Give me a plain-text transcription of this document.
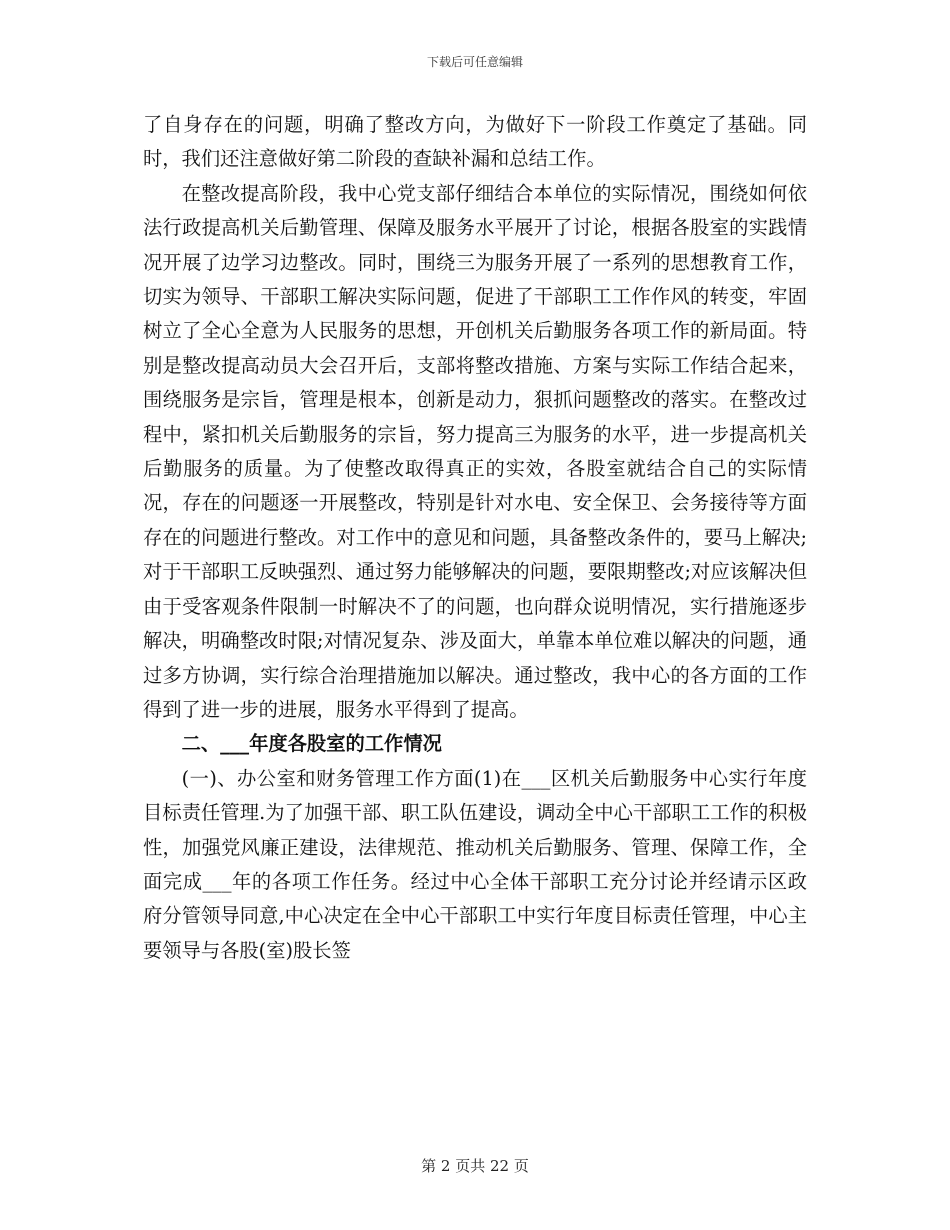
下载后可任意编辑

了自身存在的问题，明确了整改方向，为做好下一阶段工作奠定了基础。同时，我们还注意做好第二阶段的查缺补漏和总结工作。

在整改提高阶段，我中心党支部仔细结合本单位的实际情况，围绕如何依法行政提高机关后勤管理、保障及服务水平展开了讨论，根据各股室的实践情况开展了边学习边整改。同时，围绕三为服务开展了一系列的思想教育工作，切实为领导、干部职工解决实际问题，促进了干部职工工作作风的转变，牢固树立了全心全意为人民服务的思想，开创机关后勤服务各项工作的新局面。特别是整改提高动员大会召开后，支部将整改措施、方案与实际工作结合起来，围绕服务是宗旨，管理是根本，创新是动力，狠抓问题整改的落实。在整改过程中，紧扣机关后勤服务的宗旨，努力提高三为服务的水平，进一步提高机关后勤服务的质量。为了使整改取得真正的实效，各股室就结合自己的实际情况，存在的问题逐一开展整改，特别是针对水电、安全保卫、会务接待等方面存在的问题进行整改。对工作中的意见和问题，具备整改条件的，要马上解决;对于干部职工反映强烈、通过努力能够解决的问题，要限期整改;对应该解决但由于受客观条件限制一时解决不了的问题，也向群众说明情况，实行措施逐步解决，明确整改时限;对情况复杂、涉及面大，单靠本单位难以解决的问题，通过多方协调，实行综合治理措施加以解决。通过整改，我中心的各方面的工作得到了进一步的进展，服务水平得到了提高。

二、___年度各股室的工作情况

(一)、办公室和财务管理工作方面(1)在___区机关后勤服务中心实行年度目标责任管理.为了加强干部、职工队伍建设，调动全中心干部职工工作的积极性，加强党风廉正建设，法律规范、推动机关后勤服务、管理、保障工作，全面完成___年的各项工作任务。经过中心全体干部职工充分讨论并经请示区政府分管领导同意,中心决定在全中心干部职工中实行年度目标责任管理，中心主要领导与各股(室)股长签

第 2 页共 22 页
